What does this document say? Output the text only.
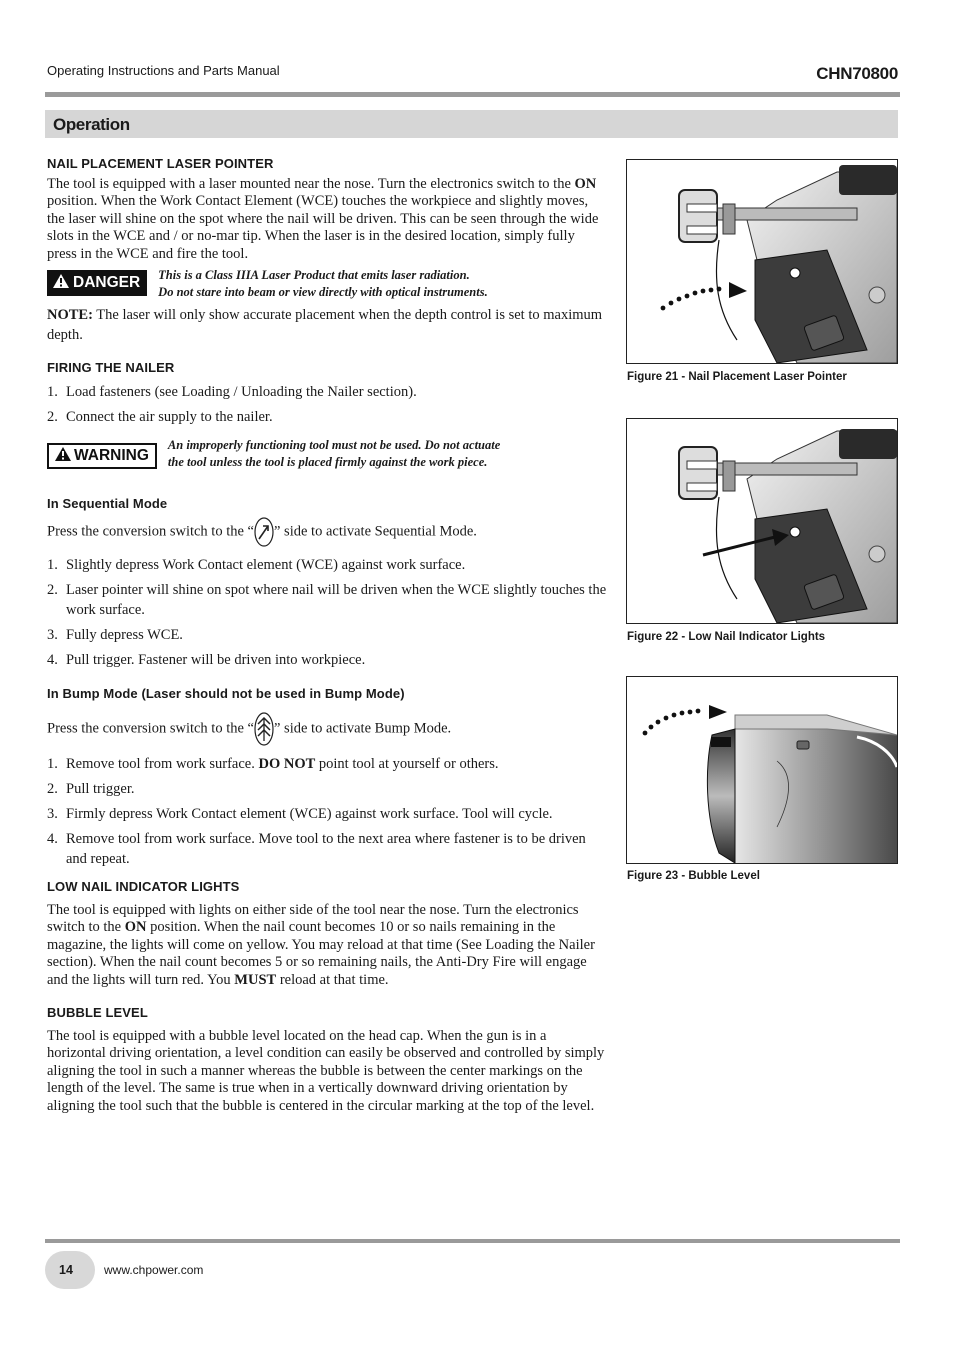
Operating Instructions and Parts Manual	CHN70800
Operation
NAIL PLACEMENT LASER POINTER

The tool is equipped with a laser mounted near the nose. Turn the electronics switch to the ON position. When the Work Contact Element (WCE) touches the workpiece and slightly moves, the laser will shine on the spot where the nail will be driven. This can be seen through the wide slots in the WCE and / or no-mar tip. When the laser is in the desired location, simply fully press in the WCE and fire the tool.

DANGER	This is a Class IIIA Laser Product that emits laser radiation.
Do not stare into beam or view directly with optical instruments.

NOTE: The laser will only show accurate placement when the depth control is set to maximum depth.

FIRING THE NAILER
1. Load fasteners (see Loading / Unloading the Nailer section).
2. Connect the air supply to the nailer.
WARNING
An improperly functioning tool must not be used. Do not actuate
the tool unless the tool is placed firmly against the work piece.
In Sequential Mode

Press the conversion switch to the “ ” side to activate Sequential Mode.

1. Slightly depress Work Contact element (WCE) against work surface.
2. Laser pointer will shine on spot where nail will be driven when the WCE slightly touches the work surface.
3. Fully depress WCE.
4. Pull trigger. Fastener will be driven into workpiece.
In Bump Mode (Laser should not be used in Bump Mode)

Press the conversion switch to the “ ” side to activate Bump Mode.

1. Remove tool from work surface. DO NOT point tool at yourself or others.
2. Pull trigger.
3. Firmly depress Work Contact element (WCE) against work surface. Tool will cycle.
4. Remove tool from work surface. Move tool to the next area where fastener is to be driven and repeat.
LOW NAIL INDICATOR LIGHTS

The tool is equipped with lights on either side of the tool near the nose. Turn the electronics switch to the ON position. When the nail count becomes 10 or so nails remaining in the magazine, the lights will come on yellow. You may reload at that time (See Loading the Nailer section). When the nail count becomes 5 or so remaining nails, the Anti-Dry Fire will engage and the lights will turn red. You MUST reload at that time.

BUBBLE LEVEL

The tool is equipped with a bubble level located on the head cap. When the gun is in a horizontal driving orientation, a level condition can easily be observed and controlled by simply aligning the tool in such a manner whereas the bubble is between the center markings on the length of the level. The same is true when in a vertically downward driving orientation by aligning the tool such that the bubble is centered in the circular marking at the top of the level.

Figure 21 - Nail Placement Laser Pointer
Figure 22 - Low Nail Indicator Lights
Figure 23 - Bubble Level
14	www.chpower.com
